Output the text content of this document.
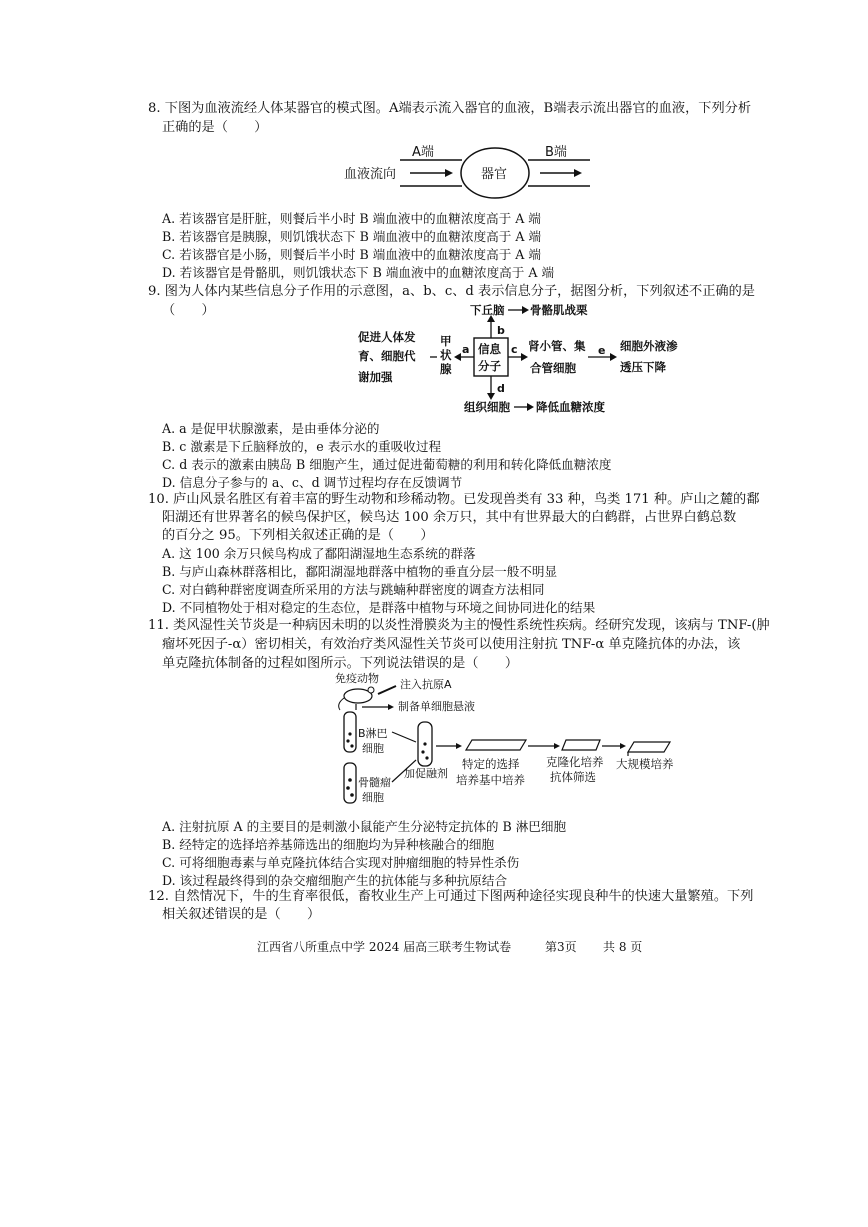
8. 下图为血液流经人体某器官的模式图。A端表示流入器官的血液，B端表示流出器官的血液，下列分析
正确的是（　　）
血液流向
A端	B端
器官
A. 若该器官是肝脏，则餐后半小时 B 端血液中的血糖浓度高于 A 端
B. 若该器官是胰腺，则饥饿状态下 B 端血液中的血糖浓度高于 A 端
C. 若该器官是小肠，则餐后半小时 B 端血液中的血糖浓度高于 A 端
D. 若该器官是骨骼肌，则饥饿状态下 B 端血液中的血糖浓度高于 A 端
9. 图为人体内某些信息分子作用的示意图，a、b、c、d 表示信息分子，据图分析，下列叙述不正确的是
（　　）
信息
分子
b
下丘脑 骨骼肌战栗
a
甲
状
腺
促进人体发
育、细胞代
谢加强
c 肾小管、集
合管细胞
e 细胞外液渗
透压下降
d
组织细胞 降低血糖浓度
A. a 是促甲状腺激素，是由垂体分泌的
B. c 激素是下丘脑释放的，e 表示水的重吸收过程
C. d 表示的激素由胰岛 B 细胞产生，通过促进葡萄糖的利用和转化降低血糖浓度
D. 信息分子参与的 a、c、d 调节过程均存在反馈调节
10. 庐山风景名胜区有着丰富的野生动物和珍稀动物。已发现兽类有 33 种，鸟类 171 种。庐山之麓的鄱
阳湖还有世界著名的候鸟保护区，候鸟达 100 余万只，其中有世界最大的白鹤群，占世界白鹤总数
的百分之 95。下列相关叙述正确的是（　　）
A. 这 100 余万只候鸟构成了鄱阳湖湿地生态系统的群落
B. 与庐山森林群落相比，鄱阳湖湿地群落中植物的垂直分层一般不明显
C. 对白鹤种群密度调查所采用的方法与跳蝻种群密度的调查方法相同
D. 不同植物处于相对稳定的生态位，是群落中植物与环境之间协同进化的结果
11. 类风湿性关节炎是一种病因未明的以炎性滑膜炎为主的慢性系统性疾病。经研究发现，该病与 TNF-(肿
瘤坏死因子-α）密切相关，有效治疗类风湿性关节炎可以使用注射抗 TNF-α 单克隆抗体的办法，该
单克隆抗体制备的过程如图所示。下列说法错误的是（　　）
免疫动物 注入抗原A
制备单细胞悬液
B淋巴
细胞
骨髓瘤
细胞
加促融剂
特定的选择
培养基中培养
克隆化培养
抗体筛选
大规模培养
A. 注射抗原 A 的主要目的是刺激小鼠能产生分泌特定抗体的 B 淋巴细胞
B. 经特定的选择培养基筛选出的细胞均为异种核融合的细胞
C. 可将细胞毒素与单克隆抗体结合实现对肿瘤细胞的特异性杀伤
D. 该过程最终得到的杂交瘤细胞产生的抗体能与多种抗原结合
12. 自然情况下，牛的生育率很低，畜牧业生产上可通过下图两种途径实现良种牛的快速大量繁殖。下列
相关叙述错误的是（　　）
江西省八所重点中学 2024 届高三联考生物试卷	第3页 共 8 页
